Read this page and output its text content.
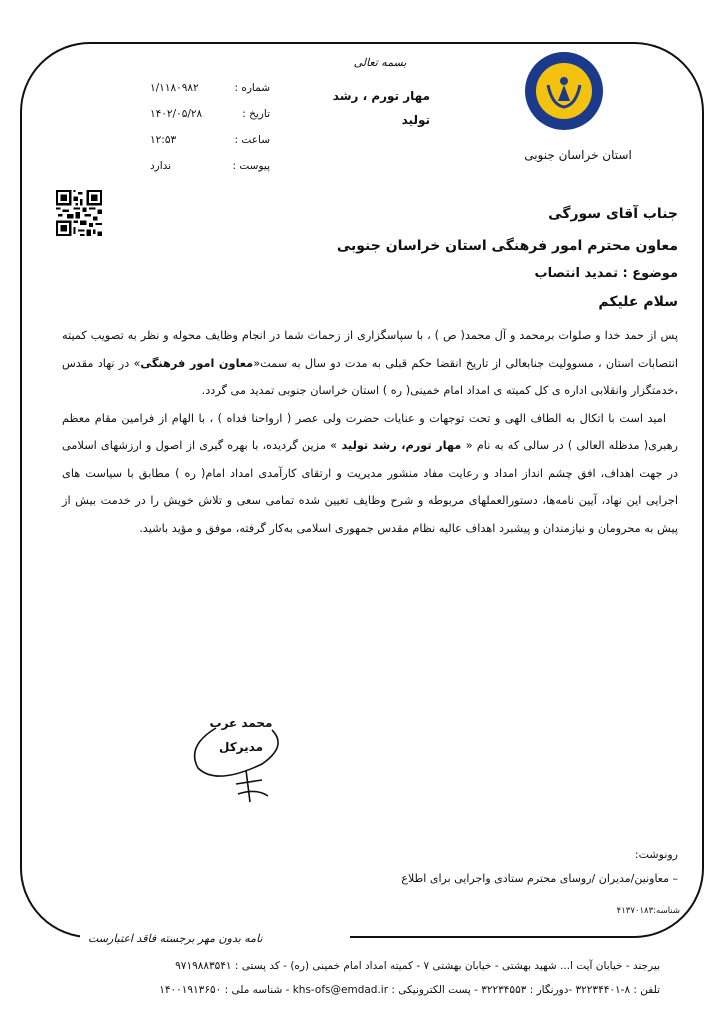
نامه بدون مهر برجسته فاقد اعتبارست
استان خراسان جنوبی
بسمه تعالی
مهار تورم ، رشد
تولید
شماره :
۱/۱۱۸۰۹۸۲
تاریخ :
۱۴۰۲/۰۵/۲۸
ساعت :
۱۲:۵۳
پیوست :
ندارد
جناب آقای سورگی
معاون محترم امور فرهنگی استان خراسان جنوبی
موضوع : تمدید انتصاب
سلام علیکم

پس از حمد خدا و صلوات برمحمد و آل محمد( ص ) ، با سپاسگزاری از زحمات شما در انجام وظایف محوله و نظر به تصویب کمیته انتصابات استان ، مسوولیت جنابعالی از تاریخ انقضا حکم قبلی به مدت دو سال به سمت«معاون امور فرهنگی» در نهاد مقدس ،خدمتگزار وانقلابی اداره ی کل کمیته ی امداد امام خمینی( ره ) استان خراسان جنوبی تمدید می گردد.

امید است با اتکال به الطاف الهی و تحت توجهات و عنایات حضرت ولی عصر ( ارواحنا فداه ) ، با الهام از فرامین مقام معظم رهبری( مدظله العالی ) در سالی که به نام « مهار تورم، رشد تولید » مزین گردیده، با بهره گیری از اصول و ارزشهای اسلامی در جهت اهداف، افق چشم انداز امداد و رعایت مفاد منشور مدیریت و ارتقای کارآمدی امداد امام( ره ) مطابق با سیاست های اجرایی این نهاد، آیین نامه‌ها، دستورالعملهای مربوطه و شرح وظایف تعیین شده تمامی سعی و تلاش خویش را در خدمت بیش از پیش به محرومان و نیازمندان و پیشبرد اهداف عالیه نظام مقدس جمهوری اسلامی به‌کار گرفته، موفق و مؤید باشید.

محمد عرب
مدیرکل
رونوشت:
– معاونین/مدیران /روسای محترم ستادی واجرایی برای اطلاع
شناسه:۴۱۳۷۰۱۸۳
بیرجند - خیابان آیت ا... شهید بهشتی - خیابان بهشتی ۷ - کمیته امداد امام خمینی (ره) - کد پستی : ۹۷۱۹۸۸۳۵۴۱
تلفن : ۸-۳۲۲۳۴۴۰۱ -دورنگار : ۳۲۲۳۴۵۵۳ - پست الکترونیکی : khs-ofs@emdad.ir - شناسه ملی : ۱۴۰۰۱۹۱۳۶۵۰
